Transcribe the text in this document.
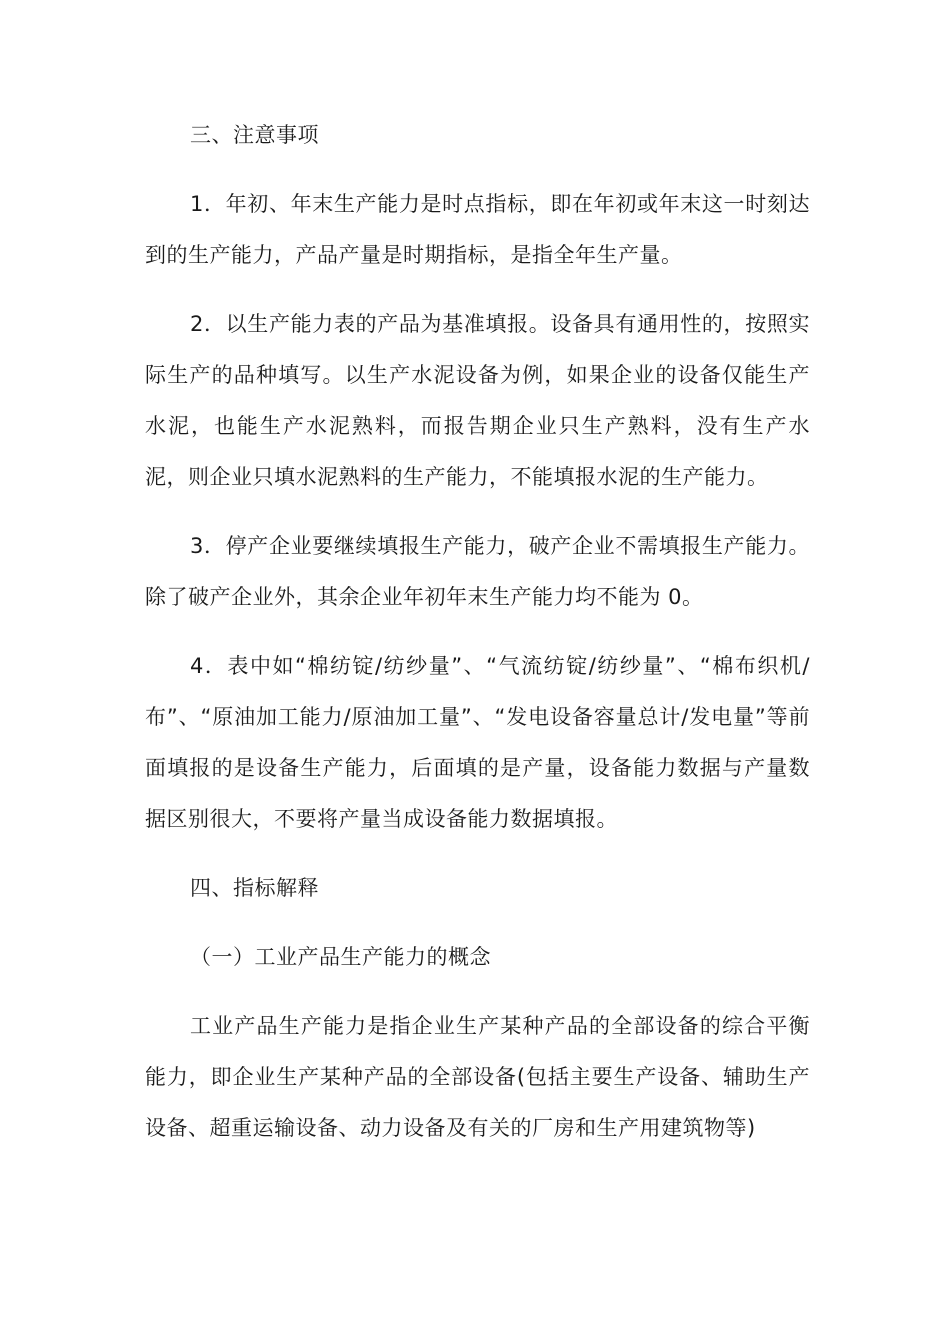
三、注意事项

1．年初、年末生产能力是时点指标，即在年初或年末这一时刻达到的生产能力，产品产量是时期指标，是指全年生产量。

2．以生产能力表的产品为基准填报。设备具有通用性的，按照实际生产的品种填写。以生产水泥设备为例，如果企业的设备仅能生产水泥，也能生产水泥熟料，而报告期企业只生产熟料，没有生产水泥，则企业只填水泥熟料的生产能力，不能填报水泥的生产能力。

3．停产企业要继续填报生产能力，破产企业不需填报生产能力。除了破产企业外，其余企业年初年末生产能力均不能为 0。

4．表中如“棉纺锭/纺纱量”、“气流纺锭/纺纱量”、“棉布织机/布”、“原油加工能力/原油加工量”、“发电设备容量总计/发电量”等前面填报的是设备生产能力，后面填的是产量，设备能力数据与产量数据区别很大，不要将产量当成设备能力数据填报。

四、指标解释

（一）工业产品生产能力的概念

工业产品生产能力是指企业生产某种产品的全部设备的综合平衡能力，即企业生产某种产品的全部设备(包括主要生产设备、辅助生产设备、超重运输设备、动力设备及有关的厂房和生产用建筑物等)
